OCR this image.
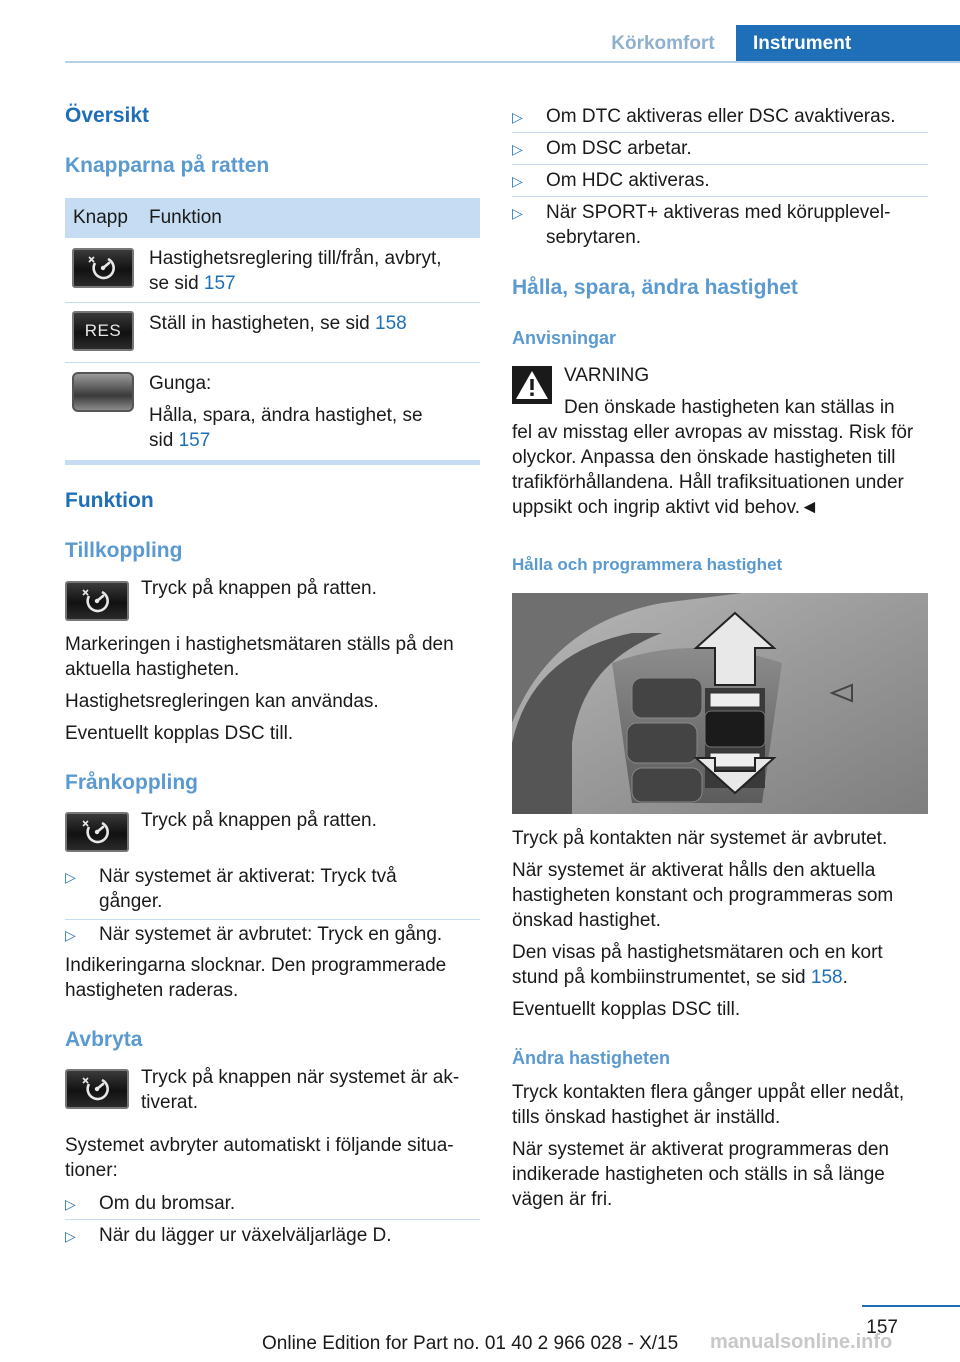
Körkomfort	Instrument
Översikt
Knapparna på ratten
Knapp Funktion
Hastighetsreglering till/från, avbryt,
se sid 157
RES Ställ in hastigheten, se sid 158
Gunga:
Hålla, spara, ändra hastighet, se
sid 157
Funktion
Tillkoppling
Tryck på knappen på ratten.
Markeringen i hastighetsmätaren ställs på den
aktuella hastigheten.
Hastighetsregleringen kan användas.
Eventuellt kopplas DSC till.
Frånkoppling
Tryck på knappen på ratten.
▷ När systemet är aktiverat: Tryck två
gånger.
▷ När systemet är avbrutet: Tryck en gång.
Indikeringarna slocknar. Den programmerade
hastigheten raderas.
Avbryta
Tryck på knappen när systemet är ak‐
tiverat.
Systemet avbryter automatiskt i följande situa‐
tioner:
▷ Om du bromsar.
▷ När du lägger ur växelväljarläge D.
▷ Om DTC aktiveras eller DSC avaktiveras.
▷ Om DSC arbetar.
▷ Om HDC aktiveras.
▷ När SPORT+ aktiveras med körupplevel‐
sebrytaren.
Hålla, spara, ändra hastighet
Anvisningar
VARNING
Den önskade hastigheten kan ställas in
fel av misstag eller avropas av misstag. Risk för
olyckor. Anpassa den önskade hastigheten till
trafikförhållandena. Håll trafiksituationen under
uppsikt och ingrip aktivt vid behov.◄
Hålla och programmera hastighet
Tryck på kontakten när systemet är avbrutet.
När systemet är aktiverat hålls den aktuella
hastigheten konstant och programmeras som
önskad hastighet.
Den visas på hastighetsmätaren och en kort
stund på kombiinstrumentet, se sid 158.
Eventuellt kopplas DSC till.
Ändra hastigheten
Tryck kontakten flera gånger uppåt eller nedåt,
tills önskad hastighet är inställd.
När systemet är aktiverat programmeras den
indikerade hastigheten och ställs in så länge
vägen är fri.
157
Online Edition for Part no. 01 40 2 966 028 - X/15 manualsonline.info
